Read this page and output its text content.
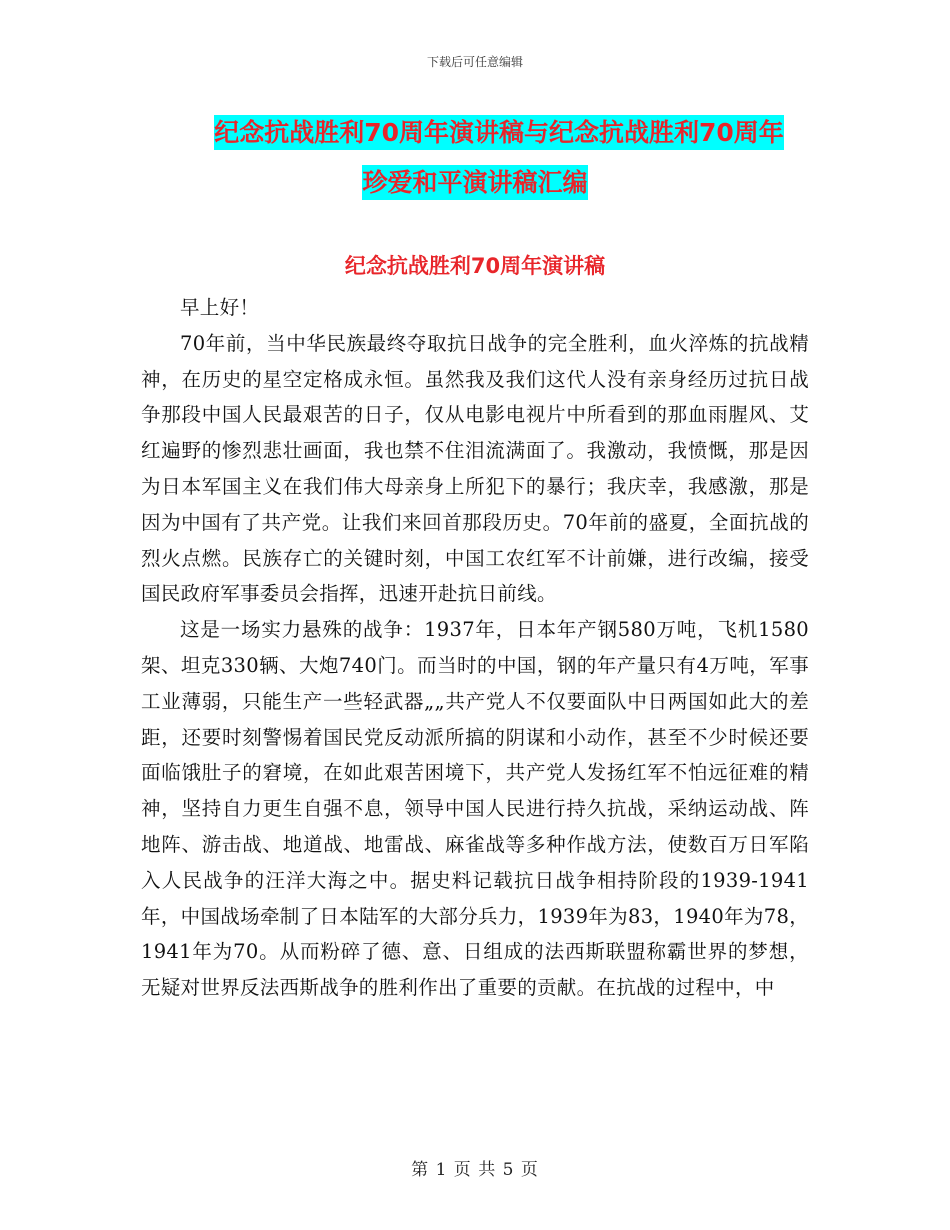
下载后可任意编辑
纪念抗战胜利70周年演讲稿与纪念抗战胜利70周年
珍爱和平演讲稿汇编
纪念抗战胜利70周年演讲稿

早上好！

70年前，当中华民族最终夺取抗日战争的完全胜利，血火淬炼的抗战精神，在历史的星空定格成永恒。虽然我及我们这代人没有亲身经历过抗日战争那段中国人民最艰苦的日子，仅从电影电视片中所看到的那血雨腥风、艾红遍野的惨烈悲壮画面，我也禁不住泪流满面了。我激动，我愤慨，那是因为日本军国主义在我们伟大母亲身上所犯下的暴行；我庆幸，我感激，那是因为中国有了共产党。让我们来回首那段历史。70年前的盛夏，全面抗战的烈火点燃。民族存亡的关键时刻，中国工农红军不计前嫌，进行改编，接受国民政府军事委员会指挥，迅速开赴抗日前线。

这是一场实力悬殊的战争：1937年，日本年产钢580万吨，飞机1580架、坦克330辆、大炮740门。而当时的中国，钢的年产量只有4万吨，军事工业薄弱，只能生产一些轻武器„„共产党人不仅要面队中日两国如此大的差距，还要时刻警惕着国民党反动派所搞的阴谋和小动作，甚至不少时候还要面临饿肚子的窘境，在如此艰苦困境下，共产党人发扬红军不怕远征难的精神，坚持自力更生自强不息，领导中国人民进行持久抗战，采纳运动战、阵地阵、游击战、地道战、地雷战、麻雀战等多种作战方法，使数百万日军陷入人民战争的汪洋大海之中。据史料记载抗日战争相持阶段的1939-1941年，中国战场牵制了日本陆军的大部分兵力，1939年为83，1940年为78，1941年为70。从而粉碎了德、意、日组成的法西斯联盟称霸世界的梦想，无疑对世界反法西斯战争的胜利作出了重要的贡献。在抗战的过程中，中

第 1 页 共 5 页
